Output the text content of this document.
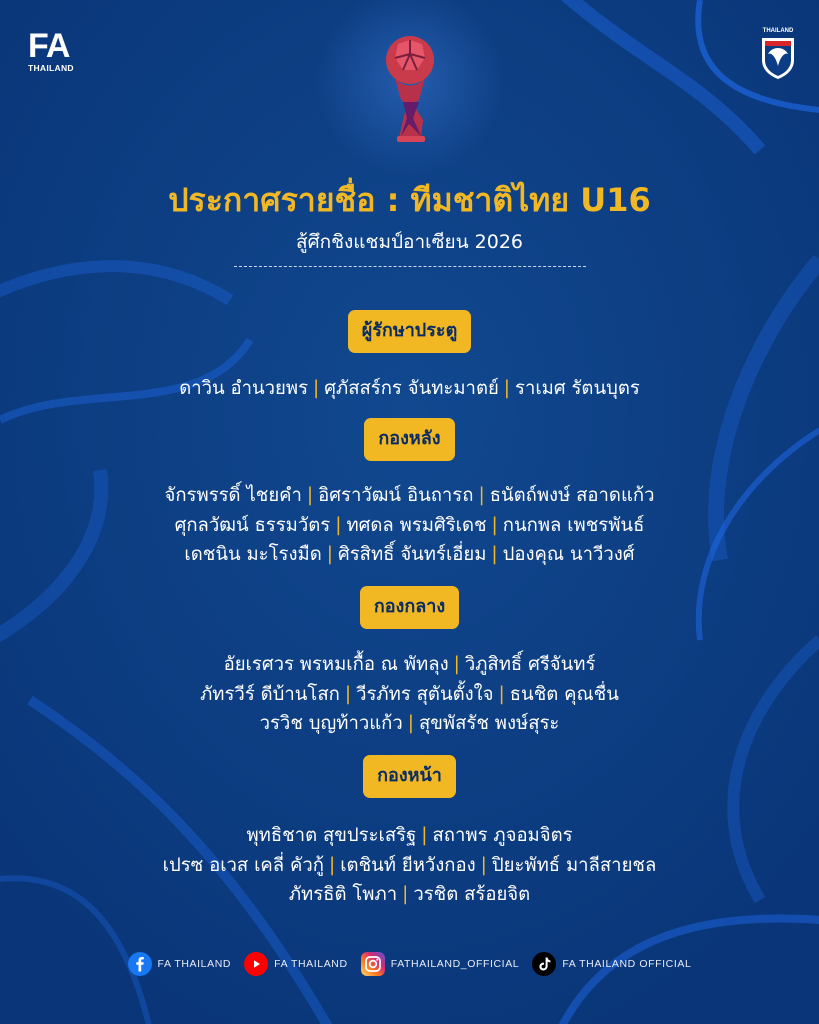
FA
THAILAND
THAILAND
ประกาศรายชื่อ : ทีมชาติไทย U16
สู้ศึกชิงแชมป์อาเซียน 2026
ผู้รักษาประตู
ดาวิน อำนวยพร | ศุภัสสร์กร จันทะมาตย์ | ราเมศ รัตนบุตร
กองหลัง
จักรพรรดิ์ ไชยคำ | อิศราวัฒน์ อินถารถ | ธนัตถ์พงษ์ สอาดแก้ว
ศุกลวัฒน์ ธรรมวัตร | ทศดล พรมศิริเดช | กนกพล เพชรพันธ์
เดชนิน มะโรงมืด | ศิรสิทธิ์ จันทร์เอี่ยม | ปองคุณ นาวีวงศ์
กองกลาง
อัยเรศวร พรหมเกื้อ ณ พัทลุง | วิภูสิทธิ์ ศรีจันทร์
ภัทรวีร์ ดีบ้านโสก | วีรภัทร สุตันตั้งใจ | ธนชิต คุณชื่น
วรวิช บุญท้าวแก้ว | สุขพัสรัช พงษ์สุระ
กองหน้า
พุทธิชาต สุขประเสริฐ | สถาพร ภูจอมจิตร
เปรซ อเวส เคลี่ คัวกู้ | เตชินท์ ยีหวังกอง | ปิยะพัทธ์ มาลีสายชล
ภัทรธิติ โพภา | วรชิต สร้อยจิต
FA THAILAND	FA THAILAND	FATHAILAND_OFFICIAL	FA THAILAND OFFICIAL
